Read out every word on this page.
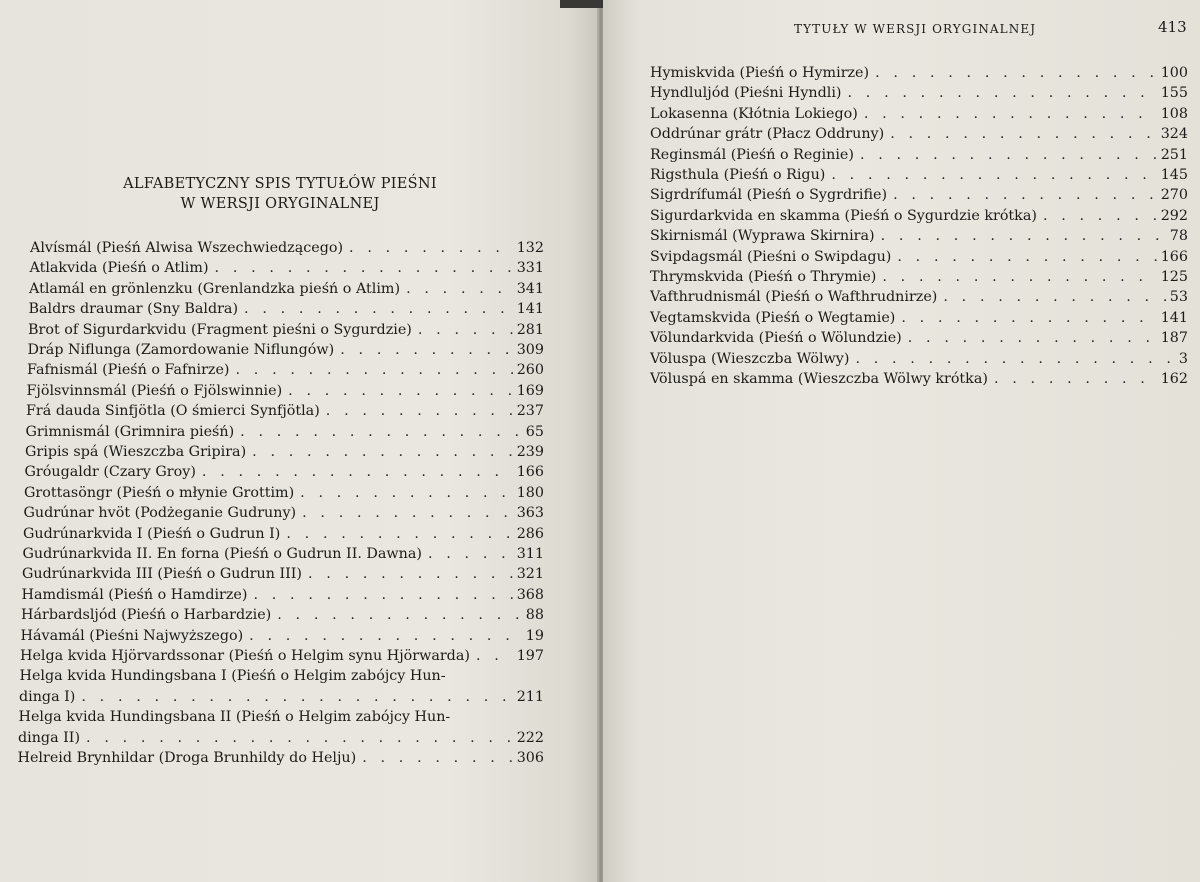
ALFABETYCZNY SPIS TYTUŁÓW PIEŚNI
W WERSJI ORYGINALNEJ
Alvísmál (Pieśń Alwisa Wszechwiedzącego) . . .	132
Atlakvida (Pieśń o Atlim) . . .	331
Atlamál en grönlenzku (Grenlandzka pieśń o Atlim) . . .	341
Baldrs draumar (Sny Baldra) . . .	141
Brot of Sigurdarkvidu (Fragment pieśni o Sygurdzie) . . .	281
Dráp Niflunga (Zamordowanie Niflungów) . . .	309
Fafnismál (Pieśń o Fafnirze) . . .	260
Fjölsvinnsmál (Pieśń o Fjölswinnie) . . .	169
Frá dauda Sinfjötla (O śmierci Synfjötla) . . .	237
Grimnismál (Grimnira pieśń) . . .	65
Gripis spá (Wieszczba Gripira) . . .	239
Gróugaldr (Czary Groy) . . .	166
Grottasöngr (Pieśń o młynie Grottim) . . .	180
Gudrúnar hvöt (Podżeganie Gudruny) . . .	363
Gudrúnarkvida I (Pieśń o Gudrun I) . . .	286
Gudrúnarkvida II. En forna (Pieśń o Gudrun II. Dawna) . . .	311
Gudrúnarkvida III (Pieśń o Gudrun III) . . .	321
Hamdismál (Pieśń o Hamdirze) . . .	368
Hárbardsljód (Pieśń o Harbardzie) . . .	88
Hávamál (Pieśni Najwyższego) . . .	19
Helga kvida Hjörvardssonar (Pieśń o Helgim synu Hjörwarda) . . .	197
Helga kvida Hundingsbana I (Pieśń o Helgim zabójcy Hun-
dinga I) . . .	211
Helga kvida Hundingsbana II (Pieśń o Helgim zabójcy Hun-
dinga II) . . .	222
Helreid Brynhildar (Droga Brunhildy do Helju) . . .	306
Hymiskvida (Pieśń o Hymirze) . . .	100
Hyndluljód (Pieśni Hyndli) . . .	155
Lokasenna (Kłótnia Lokiego) . . .	108
Oddrúnar grátr (Płacz Oddruny) . . .	324
Reginsmál (Pieśń o Reginie) . . .	251
Rigsthula (Pieśń o Rigu) . . .	145
Sigrdrífumál (Pieśń o Sygrdrifie) . . .	270
Sigurdarkvida en skamma (Pieśń o Sygurdzie krótka) . . .	292
Skirnismál (Wyprawa Skirnira) . . .	78
Svipdagsmál (Pieśni o Swipdagu) . . .	166
Thrymskvida (Pieśń o Thrymie) . . .	125
Vafthrudnismál (Pieśń o Wafthrudnirze) . . .	53
Vegtamskvida (Pieśń o Wegtamie) . . .	141
Völundarkvida (Pieśń o Wölundzie) . . .	187
Völuspa (Wieszczba Wölwy) . . .	3
Völuspá en skamma (Wieszczba Wölwy krótka) . . .	162
TYTUŁY W WERSJI ORYGINALNEJ	413
